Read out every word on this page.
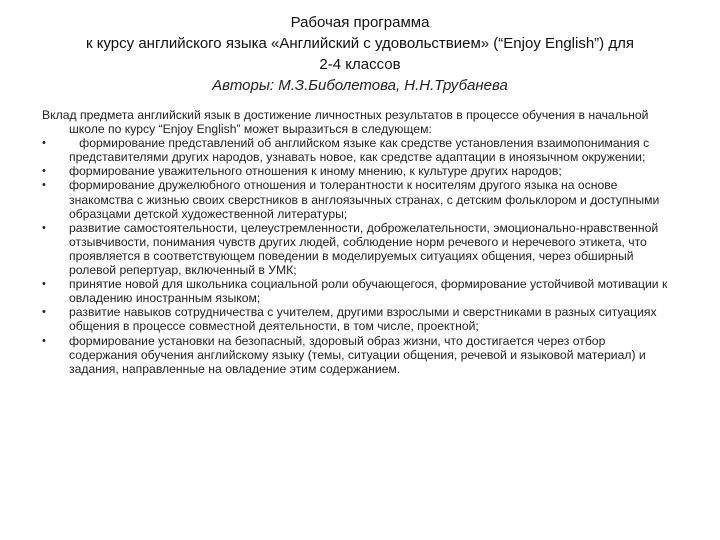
Рабочая программа

к курсу английского языка «Английский с удовольствием» (“Enjoy English”) для

2-4 классов

Авторы: М.З.Биболетова, Н.Н.Трубанева

Вклад предмета английский язык в достижение личностных результатов в процессе обучения в начальной школе по курсу “Enjoy English” может выразиться в следующем:

•	формирование представлений об английском языке как средстве установления взаимопонимания с представителями других народов, узнавать новое, как средстве адаптации в иноязычном окружении;
•	формирование уважительного отношения к иному мнению, к культуре других народов;
•	формирование дружелюбного отношения и толерантности к носителям другого языка на основе знакомства с жизнью своих сверстников в англоязычных странах, с детским фольклором и доступными образцами детской художественной литературы;
•	развитие самостоятельности, целеустремленности, доброжелательности, эмоционально-нравственной отзывчивости, понимания чувств других людей, соблюдение норм речевого и неречевого этикета, что проявляется в соответствующем поведении в моделируемых ситуациях общения, через обширный ролевой репертуар, включенный в УМК;
•	принятие новой для школьника социальной роли обучающегося, формирование устойчивой мотивации к овладению иностранным языком;
•	развитие навыков сотрудничества с учителем, другими взрослыми и сверстниками в разных ситуациях общения в процессе совместной деятельности, в том числе, проектной;
•	формирование установки на безопасный, здоровый образ жизни, что достигается через отбор содержания обучения английскому языку (темы, ситуации общения, речевой и языковой материал) и задания, направленные на овладение этим содержанием.
